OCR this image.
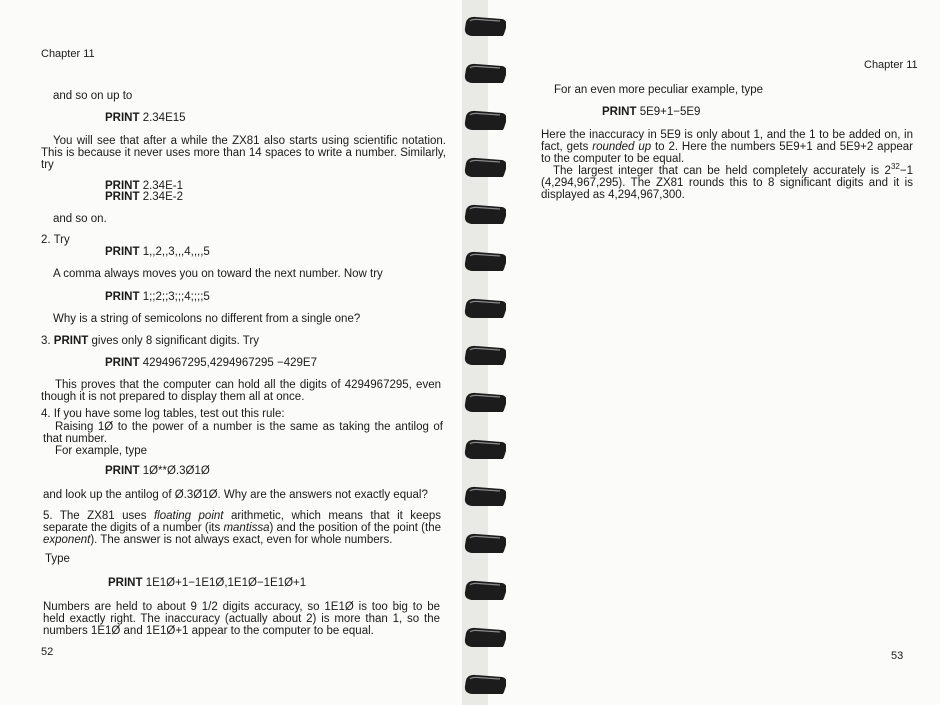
Chapter 11
and so on up to
PRINT 2.34E15
You will see that after a while the ZX81 also starts using scientific notation. This is because it never uses more than 14 spaces to write a number. Similarly, try
PRINT 2.34E-1
PRINT 2.34E-2
and so on.
2. Try
PRINT 1,,2,,3,,,4,,,,5
A comma always moves you on toward the next number. Now try
PRINT 1;;2;;3;;;4;;;;5
Why is a string of semicolons no different from a single one?
3. PRINT gives only 8 significant digits. Try
PRINT 4294967295,4294967295 −429E7
This proves that the computer can hold all the digits of 4294967295, even though it is not prepared to display them all at once.
4. If you have some log tables, test out this rule:
Raising 1Ø to the power of a number is the same as taking the antilog of that number.
For example, type
PRINT 1Ø**Ø.3Ø1Ø
and look up the antilog of Ø.3Ø1Ø. Why are the answers not exactly equal?
5. The ZX81 uses floating point arithmetic, which means that it keeps separate the digits of a number (its mantissa) and the position of the point (the exponent). The answer is not always exact, even for whole numbers.
Type
PRINT 1E1Ø+1−1E1Ø,1E1Ø−1E1Ø+1
Numbers are held to about 9 1/2 digits accuracy, so 1E1Ø is too big to be held exactly right. The inaccuracy (actually about 2) is more than 1, so the numbers 1E1Ø and 1E1Ø+1 appear to the computer to be equal.
52
Chapter 11
For an even more peculiar example, type
PRINT 5E9+1−5E9
Here the inaccuracy in 5E9 is only about 1, and the 1 to be added on, in fact, gets rounded up to 2. Here the numbers 5E9+1 and 5E9+2 appear to the computer to be equal.
The largest integer that can be held completely accurately is $2^{32}-1$ (4,294,967,295). The ZX81 rounds this to 8 significant digits and it is displayed as 4,294,967,300.
53
